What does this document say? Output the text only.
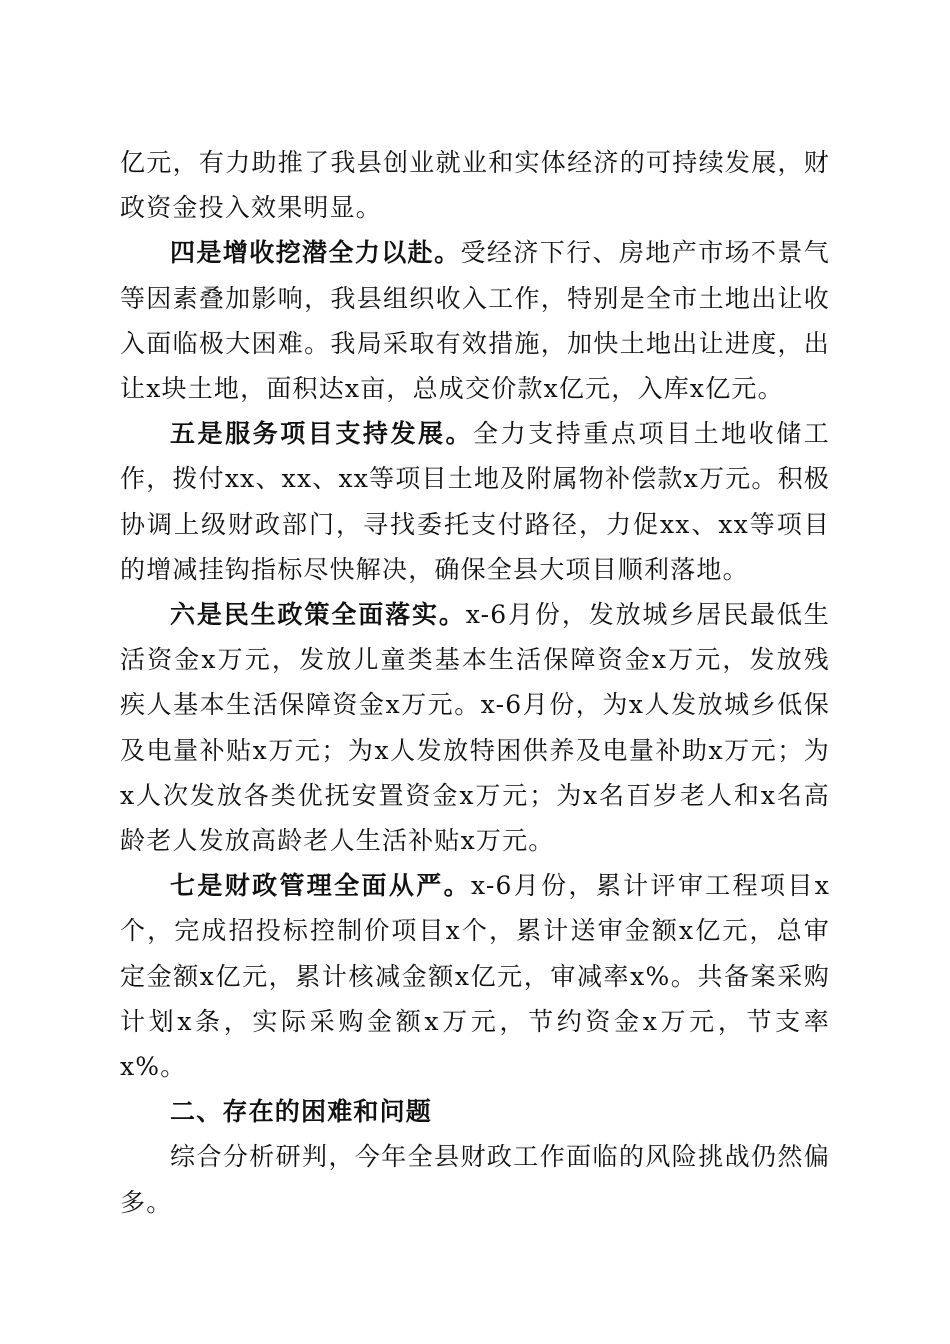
亿元，有力助推了我县创业就业和实体经济的可持续发展，财政资金投入效果明显。

四是增收挖潜全力以赴。受经济下行、房地产市场不景气等因素叠加影响，我县组织收入工作，特别是全市土地出让收入面临极大困难。我局采取有效措施，加快土地出让进度，出让x块土地，面积达x亩，总成交价款x亿元，入库x亿元。

五是服务项目支持发展。全力支持重点项目土地收储工作，拨付xx、xx、xx等项目土地及附属物补偿款x万元。积极协调上级财政部门，寻找委托支付路径，力促xx、xx等项目的增减挂钩指标尽快解决，确保全县大项目顺利落地。

六是民生政策全面落实。x-6月份，发放城乡居民最低生活资金x万元，发放儿童类基本生活保障资金x万元，发放残疾人基本生活保障资金x万元。x-6月份，为x人发放城乡低保及电量补贴x万元；为x人发放特困供养及电量补助x万元；为x人次发放各类优抚安置资金x万元；为x名百岁老人和x名高龄老人发放高龄老人生活补贴x万元。

七是财政管理全面从严。x-6月份，累计评审工程项目x个，完成招投标控制价项目x个，累计送审金额x亿元，总审定金额x亿元，累计核减金额x亿元，审减率x%。共备案采购计划x条，实际采购金额x万元，节约资金x万元，节支率x%。

二、存在的困难和问题

综合分析研判，今年全县财政工作面临的风险挑战仍然偏多。
